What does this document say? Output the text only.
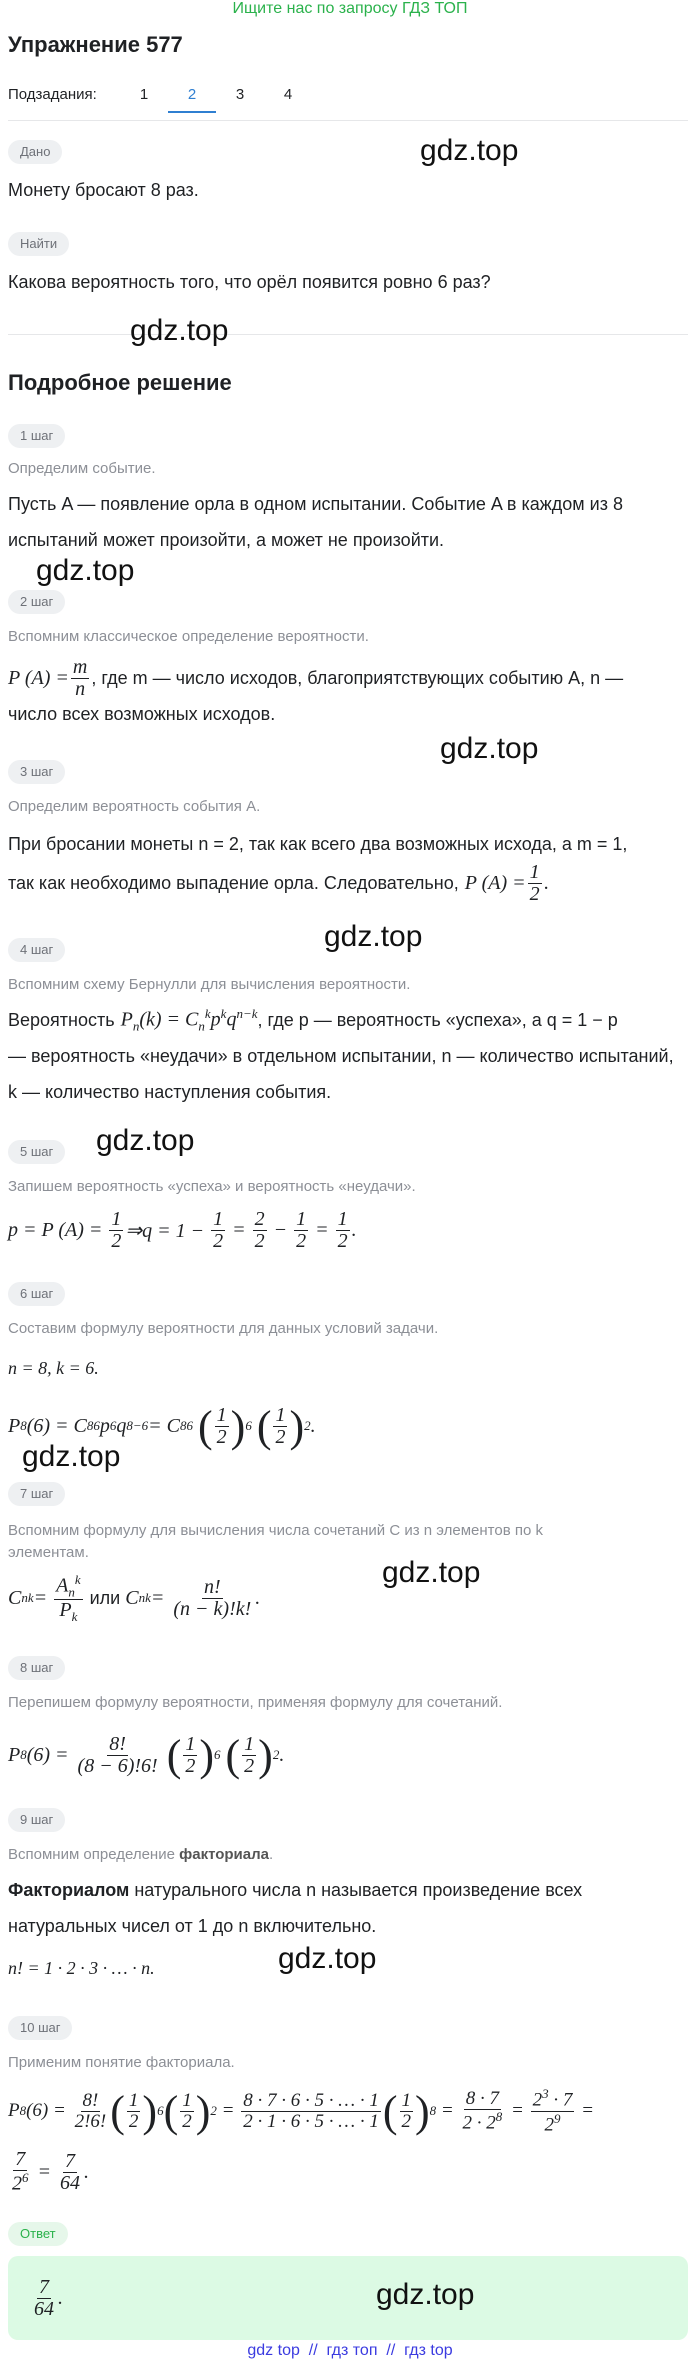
Ищите нас по запросу ГДЗ ТОП
Упражнение 577
Подзадания:	1	2	3	4
Дано
Монету бросают 8 раз.
Найти
Какова вероятность того, что орёл появится ровно 6 раз?
Подробное решение
1 шаг
Определим событие.
Пусть A — появление орла в одном испытании. Событие A в каждом из 8
испытаний может произойти, а может не произойти.
2 шаг
Вспомним классическое определение вероятности.
P $(A) = \frac{m}{n}$ , где m — число исходов, благоприятствующих событию A, n —
число всех возможных исходов.
3 шаг
Определим вероятность события A.
При бросании монеты n = 2, так как всего два возможных исхода, а m = 1,
так как необходимо выпадение орла. Следовательно, P $(A) = \frac{1}{2}$ .
4 шаг
Вспомним схему Бернулли для вычисления вероятности.
Вероятность $P_n(k) = C_n^kp^kq^{n-k}$ , где p — вероятность «успеха», а q = 1 − p
— вероятность «неудачи» в отдельном испытании, n — количество испытаний,
k — количество наступления события.
5 шаг
Запишем вероятность «успеха» и вероятность «неудачи».
p = P $(A) = \frac{1}{2}$ ⇒q = $1 - \frac{1}{2} = \frac{2}{2} - \frac{1}{2} = \frac{1}{2}$ .
6 шаг
Составим формулу вероятности для данных условий задачи.
n = 8, k = 6.
P 8 (6) = C 8 6 p 6 q 8−6 = C 8 6
( $\frac{1}{2}$ ) 6
( $\frac{1}{2}$ ) 2 .
7 шаг
Вспомним формулу для вычисления числа сочетаний C из n элементов по k элементам.
C n $k = \frac{A_n^k}{P_k}$
или C n $k = \frac{n!}{(n - k)!k!}$ .
8 шаг
Перепишем формулу вероятности, применяя формулу для сочетаний.
P 8 $(6) = \frac{8!}{(8 - 6)!6!}$
( $\frac{1}{2}$ ) 6
( $\frac{1}{2}$ ) 2 .
9 шаг
Вспомним определение факториала.
Факториалом натурального числа n называется произведение всех
натуральных чисел от 1 до n включительно.
n! = 1 · 2 · 3 · … · n.
10 шаг
Применим понятие факториала.
P 8 $(6) = \frac{8!}{2!6!}$ ( $\frac{1}{2}$ ) 6 ( $\frac{1}{2}$ ) $2 = \frac{8 \cdot 7 \cdot 6 \cdot 5 \cdot \dots \cdot 1}{2 \cdot 1 \cdot 6 \cdot 5 \cdot \dots \cdot 1}$ ( $\frac{1}{2}$ ) $8 = \frac{8 \cdot 7}{2 \cdot 2^8} = \frac{2^3 \cdot 7}{2^9}$ =
$\frac{7}{2^6} = \frac{7}{64}$ .
Ответ
$\frac{7}{64}$ .
gdz.top
gdz.top
gdz.top
gdz.top
gdz.top
gdz.top
gdz.top
gdz.top
gdz.top
gdz.top
gdz top  //  гдз топ  //  гдз top
